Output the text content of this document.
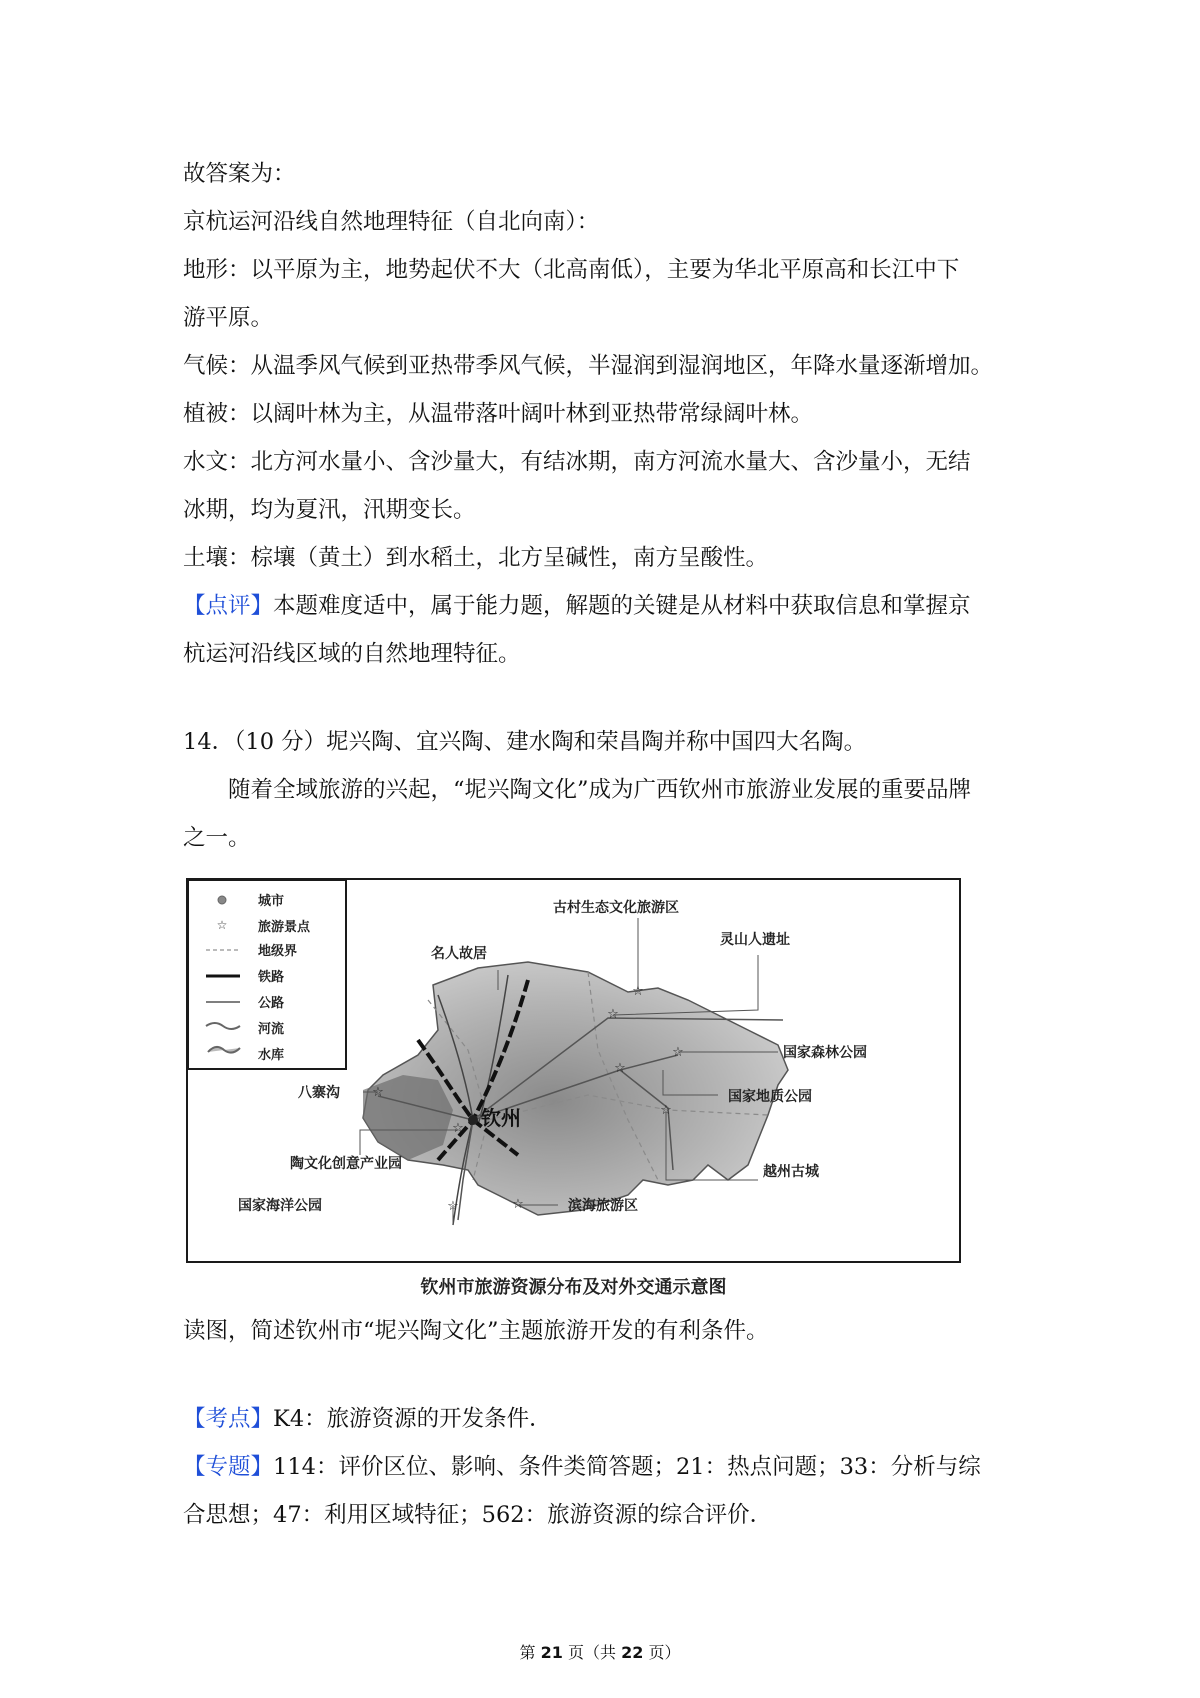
故答案为：
京杭运河沿线自然地理特征（自北向南）：
地形：以平原为主，地势起伏不大（北高南低），主要为华北平原高和长江中下
游平原。
气候：从温季风气候到亚热带季风气候，半湿润到湿润地区，年降水量逐渐增加。
植被：以阔叶林为主，从温带落叶阔叶林到亚热带常绿阔叶林。
水文：北方河水量小、含沙量大，有结冰期，南方河流水量大、含沙量小，无结
冰期，均为夏汛，汛期变长。
土壤：棕壤（黄土）到水稻土，北方呈碱性，南方呈酸性。
【点评】本题难度适中，属于能力题，解题的关键是从材料中获取信息和掌握京
杭运河沿线区域的自然地理特征。
14．（10 分）坭兴陶、宜兴陶、建水陶和荣昌陶并称中国四大名陶。
随着全域旅游的兴起，“坭兴陶文化”成为广西钦州市旅游业发展的重要品牌
之一。
☆
城市
旅游景点
地级界
铁路
公路
河流
水库
☆
☆
☆
☆
☆
☆
☆
☆	☆
古村生态文化旅游区
灵山人遗址
名人故居
国家森林公园
八寨沟	国家地质公园
陶文化创意产业园	越州古城
国家海洋公园	滨海旅游区
钦州
钦州市旅游资源分布及对外交通示意图
读图，简述钦州市“坭兴陶文化”主题旅游开发的有利条件。
【考点】K4：旅游资源的开发条件．
【专题】114：评价区位、影响、条件类简答题；21：热点问题；33：分析与综
合思想；47：利用区域特征；562：旅游资源的综合评价．
第 21 页（共 22 页）
